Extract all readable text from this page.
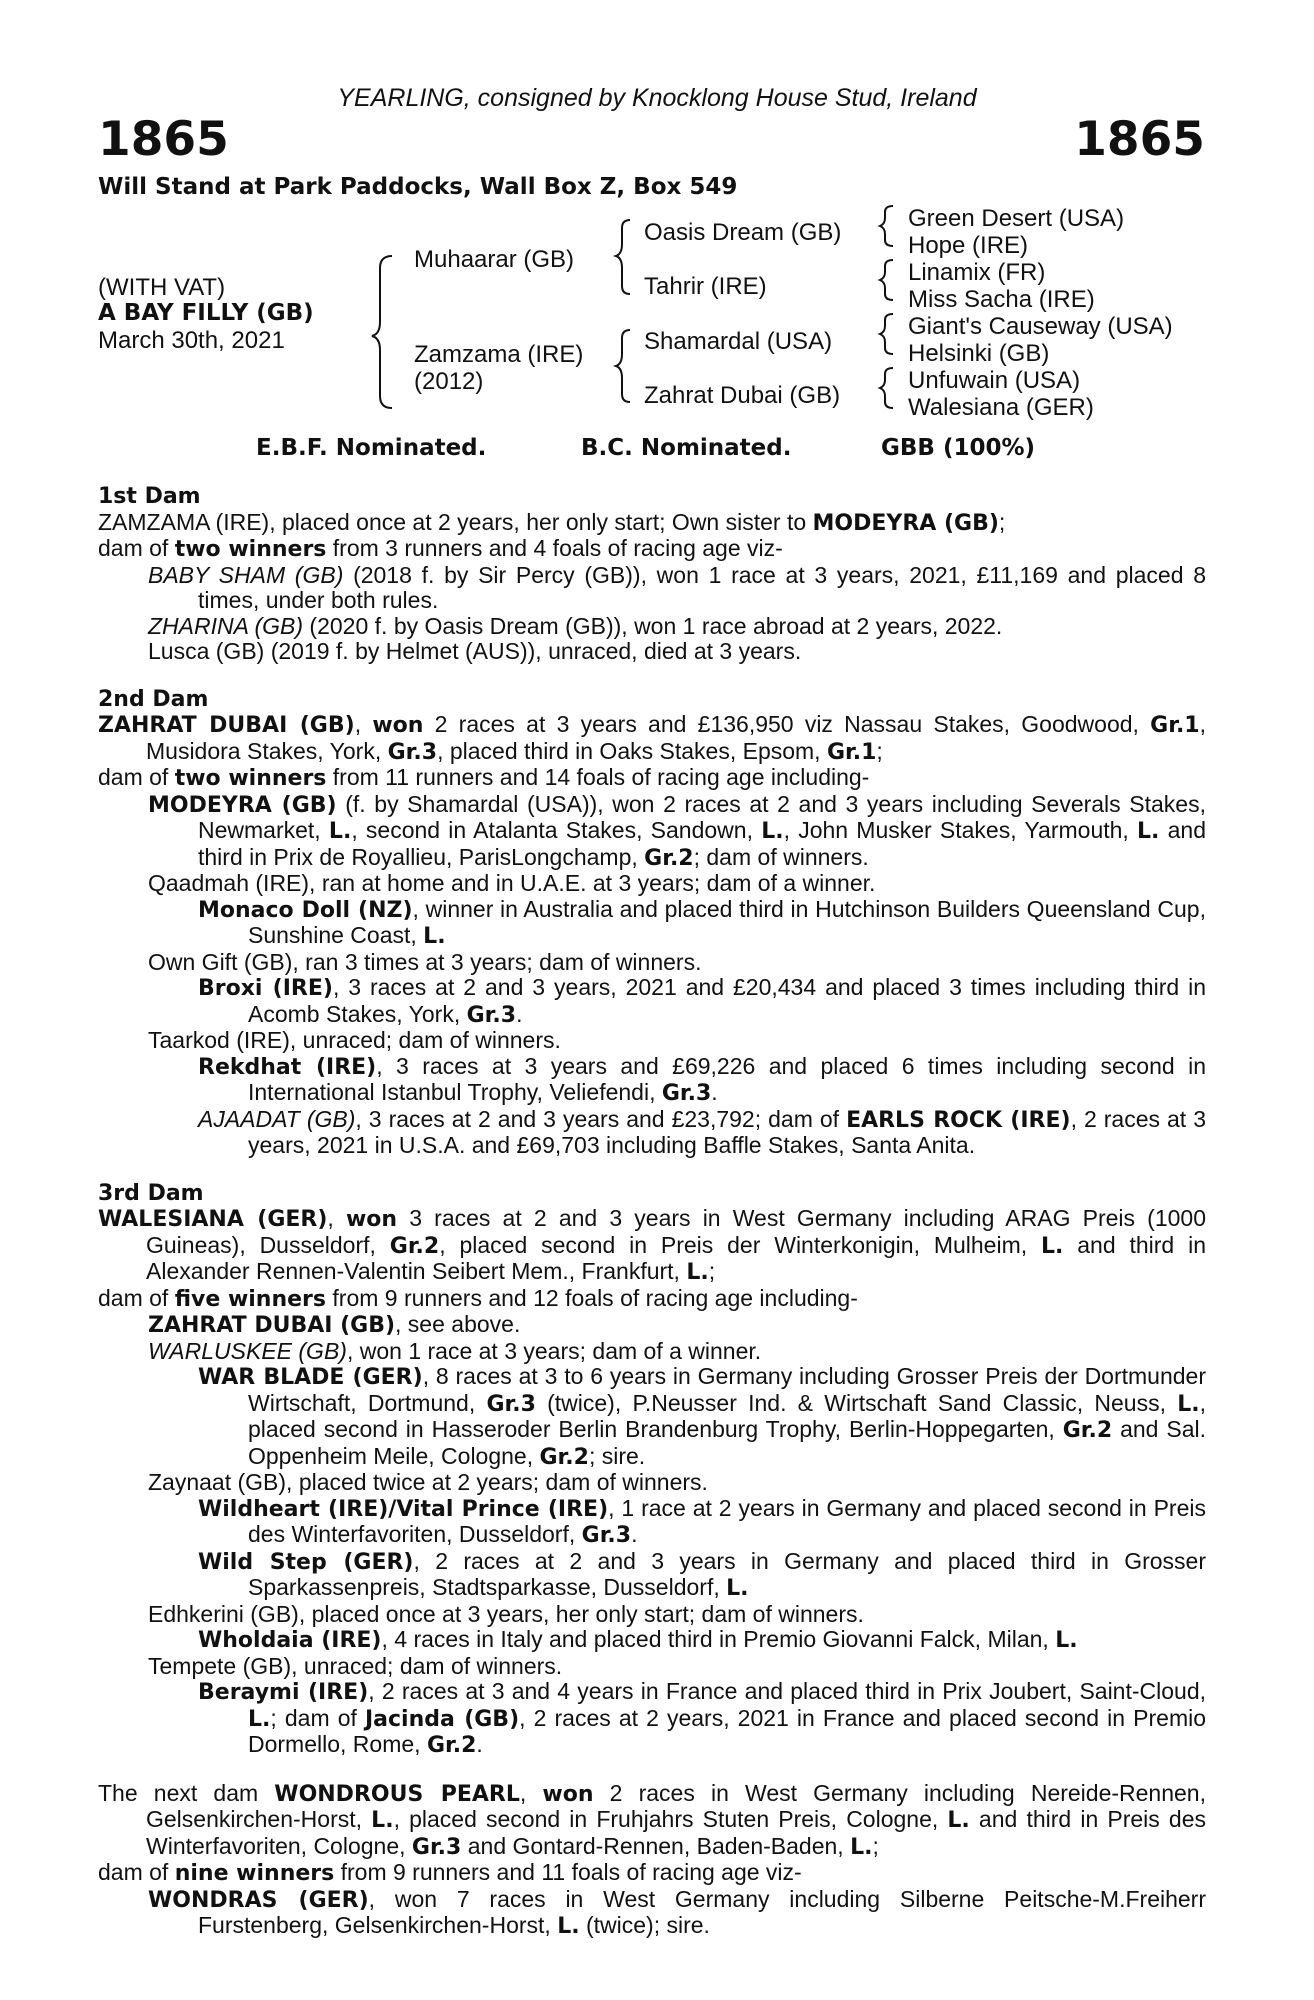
YEARLING, consigned by Knocklong House Stud, Ireland
1865	1865
Will Stand at Park Paddocks, Wall Box Z, Box 549
(WITH VAT)
A BAY FILLY (GB)
March 30th, 2021
Muhaarar (GB)
Zamzama (IRE)
(2012)
Oasis Dream (GB)
Tahrir (IRE)
Shamardal (USA)
Zahrat Dubai (GB)
Green Desert (USA)
Hope (IRE)
Linamix (FR)
Miss Sacha (IRE)
Giant's Causeway (USA)
Helsinki (GB)
Unfuwain (USA)
Walesiana (GER)
E.B.F. Nominated.	B.C. Nominated.	GBB (100%)
1st Dam
ZAMZAMA (IRE), placed once at 2 years, her only start; Own sister to MODEYRA (GB);
dam of two winners from 3 runners and 4 foals of racing age viz-
BABY SHAM (GB) (2018 f. by Sir Percy (GB)), won 1 race at 3 years, 2021, £11,169 and placed 8 times, under both rules.
ZHARINA (GB) (2020 f. by Oasis Dream (GB)), won 1 race abroad at 2 years, 2022.
Lusca (GB) (2019 f. by Helmet (AUS)), unraced, died at 3 years.
2nd Dam
ZAHRAT DUBAI (GB), won 2 races at 3 years and £136,950 viz Nassau Stakes, Goodwood, Gr.1, Musidora Stakes, York, Gr.3, placed third in Oaks Stakes, Epsom, Gr.1;
dam of two winners from 11 runners and 14 foals of racing age including-
MODEYRA (GB) (f. by Shamardal (USA)), won 2 races at 2 and 3 years including Severals Stakes, Newmarket, L., second in Atalanta Stakes, Sandown, L., John Musker Stakes, Yarmouth, L. and third in Prix de Royallieu, ParisLongchamp, Gr.2; dam of winners.
Qaadmah (IRE), ran at home and in U.A.E. at 3 years; dam of a winner.
Monaco Doll (NZ), winner in Australia and placed third in Hutchinson Builders Queensland Cup, Sunshine Coast, L.
Own Gift (GB), ran 3 times at 3 years; dam of winners.
Broxi (IRE), 3 races at 2 and 3 years, 2021 and £20,434 and placed 3 times including third in Acomb Stakes, York, Gr.3.
Taarkod (IRE), unraced; dam of winners.
Rekdhat (IRE), 3 races at 3 years and £69,226 and placed 6 times including second in International Istanbul Trophy, Veliefendi, Gr.3.
AJAADAT (GB), 3 races at 2 and 3 years and £23,792; dam of EARLS ROCK (IRE), 2 races at 3 years, 2021 in U.S.A. and £69,703 including Baffle Stakes, Santa Anita.
3rd Dam
WALESIANA (GER), won 3 races at 2 and 3 years in West Germany including ARAG Preis (1000 Guineas), Dusseldorf, Gr.2, placed second in Preis der Winterkonigin, Mulheim, L. and third in Alexander Rennen-Valentin Seibert Mem., Frankfurt, L.;
dam of five winners from 9 runners and 12 foals of racing age including-
ZAHRAT DUBAI (GB), see above.
WARLUSKEE (GB), won 1 race at 3 years; dam of a winner.
WAR BLADE (GER), 8 races at 3 to 6 years in Germany including Grosser Preis der Dortmunder Wirtschaft, Dortmund, Gr.3 (twice), P.Neusser Ind. & Wirtschaft Sand Classic, Neuss, L., placed second in Hasseroder Berlin Brandenburg Trophy, Berlin-Hoppegarten, Gr.2 and Sal. Oppenheim Meile, Cologne, Gr.2; sire.
Zaynaat (GB), placed twice at 2 years; dam of winners.
Wildheart (IRE)/Vital Prince (IRE), 1 race at 2 years in Germany and placed second in Preis des Winterfavoriten, Dusseldorf, Gr.3.
Wild Step (GER), 2 races at 2 and 3 years in Germany and placed third in Grosser Sparkassenpreis, Stadtsparkasse, Dusseldorf, L.
Edhkerini (GB), placed once at 3 years, her only start; dam of winners.
Wholdaia (IRE), 4 races in Italy and placed third in Premio Giovanni Falck, Milan, L.
Tempete (GB), unraced; dam of winners.
Beraymi (IRE), 2 races at 3 and 4 years in France and placed third in Prix Joubert, Saint-Cloud, L.; dam of Jacinda (GB), 2 races at 2 years, 2021 in France and placed second in Premio Dormello, Rome, Gr.2.
The next dam WONDROUS PEARL, won 2 races in West Germany including Nereide-Rennen, Gelsenkirchen-Horst, L., placed second in Fruhjahrs Stuten Preis, Cologne, L. and third in Preis des Winterfavoriten, Cologne, Gr.3 and Gontard-Rennen, Baden-Baden, L.;
dam of nine winners from 9 runners and 11 foals of racing age viz-
WONDRAS (GER), won 7 races in West Germany including Silberne Peitsche-M.Freiherr Furstenberg, Gelsenkirchen-Horst, L. (twice); sire.
